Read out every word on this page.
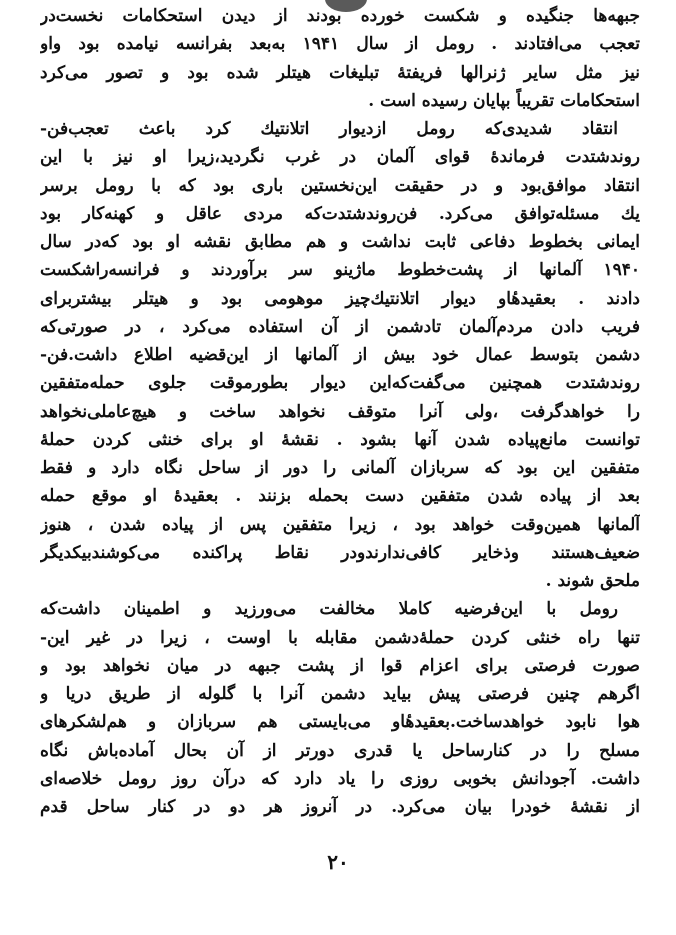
جبهه‌ها جنگیده و شکست خورده بودند از دیدن استحکامات نخست‌در
تعجب می‌افتادند . رومل از سال ۱۹۴۱ به‌بعد بفرانسه نیامده بود واو
نیز مثل سایر ژنرالها فریفتهٔ تبلیغات هیتلر شده بود و تصور می‌کرد
استحکامات تقریباً بپایان رسیده است .
انتقاد شدیدی‌که رومل ازدیوار اتلانتیك کرد باعث تعجب‌فن-
روندشتدت فرماندهٔ قوای آلمان در غرب نگردید،زیرا او نیز با این
انتقاد موافق‌بود و در حقیقت این‌نخستین باری بود که با رومل برسر
یك مسئله‌توافق می‌کرد. فن‌روندشتدت‌که مردی عاقل و کهنه‌کار بود
ایمانی بخطوط دفاعی ثابت نداشت و هم مطابق نقشه او بود که‌در سال
۱۹۴۰ آلمانها از پشت‌خطوط ماژینو سر برآوردند و فرانسه‌راشکست
دادند . بعقیدهٔاو دیوار اتلانتیك‌چیز موهومی بود و هیتلر بیشتربرای
فریب دادن مردم‌آلمان تادشمن از آن استفاده می‌کرد ، در صورتی‌که
دشمن بتوسط عمال خود بیش از آلمانها از این‌قضیه اطلاع داشت.فن-
روندشتدت همچنین می‌گفت‌که‌این دیوار بطورموقت جلوی حمله‌متفقین
را خواهدگرفت ،ولی آنرا متوقف نخواهد ساخت و هیچ‌عاملی‌نخواهد
توانست مانع‌پیاده شدن آنها بشود . نقشهٔ او برای خنثی کردن حملهٔ
متفقین این بود که سربازان آلمانی را دور از ساحل نگاه دارد و فقط
بعد از پیاده شدن متفقین دست بحمله بزنند . بعقیدهٔ او موقع حمله
آلمانها همین‌وقت خواهد بود ، زیرا متفقین پس از پیاده شدن ، هنوز
ضعیف‌هستند وذخایر کافی‌ندارندودر نقاط پراکنده می‌کوشندبیکدیگر
ملحق شوند .
رومل با این‌فرضیه کاملا مخالفت می‌ورزید و اطمینان داشت‌که
تنها راه خنثی کردن حملهٔ‌دشمن مقابله با اوست ، زیرا در غیر این-
صورت فرصتی برای اعزام قوا از پشت جبهه در میان نخواهد بود و
اگرهم چنین فرصتی پیش بیاید دشمن آنرا با گلوله از طریق دریا و
هوا نابود خواهدساخت.بعقیدهٔاو می‌بایستی هم سربازان و هم‌لشکرهای
مسلح را در کنارساحل یا قدری دورتر از آن بحال آماده‌باش نگاه
داشت. آجودانش بخوبی روزی را یاد دارد که در‌آن روز رومل خلاصه‌ای
از نقشهٔ خودرا بیان می‌کرد. در آنروز هر دو در کنار ساحل قدم
۲۰
